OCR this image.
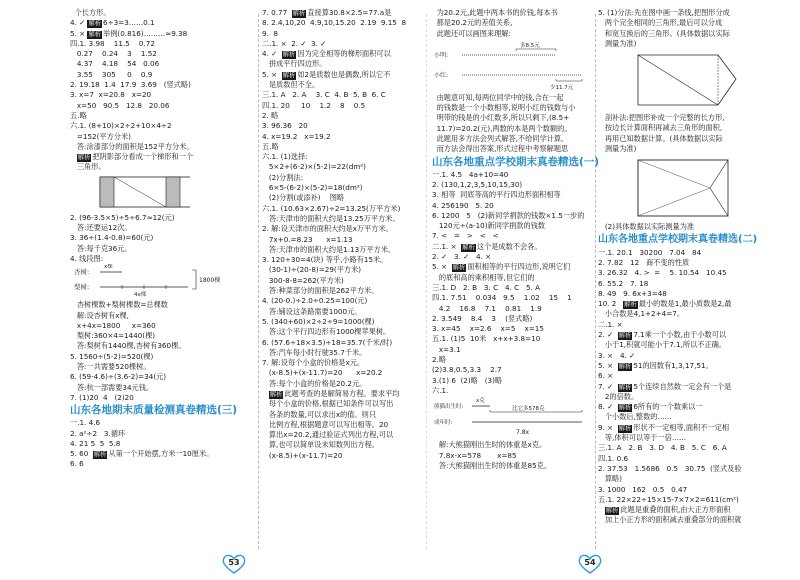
个长方形。
4. ✓ 解析 6÷3=3……0.1
5. × 解析 举例(0.816)………≈9.38
四.1. 3.98    11.5    0.72
0.27    0.24    3    1.52
4.37    4.18    54   0.06
3.55    305     0    0.9
2. 19.18  1.4  17.9  3.69   (竖式略)
3. x=7  x=20.8   x=20
x=50   90.5   12.8   20.06
五.略
六.1. (8+10)×2÷2+10×4÷2
=152(平方分米)
答:涂漆部分的面积是152平方分米。
解析 把阴影部分看成一个梯形和一个
三角形。
2. (96-3.5×5)÷5÷6.7≈12(元)
答:还要运12次。
3. 36÷(1.4-0.8)=60(元)
答:每千克36元。
4. 线段图:
杏树:
梨树:
x棵
4x棵
1800棵
杏树棵数+梨树棵数=总棵数
解:设杏树有x棵,
x+4x=1800     x=360
梨树:360×4=1440(棵)
答:梨树有1440棵,杏树有360棵。
5. 1560÷(5-2)=520(棵)
答:一共需要520棵树。
6. (59-4.6)÷(3.6-2)=34(元)
答:杭一部需要34元钱。
7. (1)20  4   (2)20
山东各地期末质量检测真卷精选(三)
一.1. 4.6
2. a²÷2   3.循环
4. 21 5  5  5.8
5. 60  解析 从第一个开始摆,方米一10厘米。
6. 6
7. 0.77  解析 直接算30.8×2.5=77.a是
8. 2.4,10,20  4.9,10,15.20  2.19  9.15  8
9.  8
二.1. ×  2. ✓  3. ✓
4. ✓  解析 因为完全相等的梯形面积可以
拼成平行四边形。
5. ×  解析 如2是质数也是偶数,所以它不
是质数但不全。
三.1. A   2. A    3. C  4. B  5. B  6. C
四.1. 20     10    1.2    8    0.5
2. 略
3. 96.36   20
4. x=19.2   x=19.2
五.略
六.1. (1)选择:
5×2+(6-2)×(5-2)=22(dm²)
(2)分割法:
6×5-(6-2)×(5-2)=18(dm²)
(2)分割(或添补)    图略
六.1. (10.63×2.67)÷2=13.25(万平方米)
答:天津市的面积大约是13.25万平方米。
2. 解:设天津市的面积大约是x万平方米。
7x+0.=8.23      x=1.13
答:天津市的面积大约是1.13万平方米。
3. 120÷30=4(块) 等乎,小路有15米。
(30-1)÷(20-8)=29(平方米)
300-8-8=262(平方米)
答:种菜部分的面积是262平方米。
4. (20-0.)÷2.0÷0.25=100(元)
答:铺设这条路需要1000元。
5. (340+60)×2÷2÷9=1000(棵)
答:这个平行四边形有1000棵苹果树。
6. (57.6÷18×3.5)÷18=35.7(千米/时)
答:汽车每小时行驶35.7千米。
7. 解:设每个小盒的价格是x元。
(x-8.5)+(x-11.7)=20      x=20.2
答:每个小盒的价格是20.2元。
解析 此题考查的是解简易方程。要求平均
每个小盒的价格,根据已知条件可以写出
各条的数量,可以求出x的值。则只
比例方程,根据题意可以写出相等。20
算出x=20.2,通过验证式列出方程,可以
算,也可以简单设未知数列出方程。
(x-8.5)+(x-11.7)=20
为20.2元,此题中两本书的价钱,每本书
都是20.2元的差值关系,
此题还可以画图来理解:
多8.5元
小明:
小红:
少11.7元
由题意可知,每两位同学中的钱,合在一起
的钱数是一个小数相等,说明小红的钱数与小
明带的钱是的小红数多,所以只剩下,(8.5+
11.7)=20.2(元),两数的本是两个数额的。
此题用多方法会列式解答,不给同学计算,
而方法会得出答案,形式过程中考察解题思
山东各地重点学校期末真卷精选(一)
一.1. 4.5   4a+10=40
2. (130,1,2,3,5,10,15,30)
3. 相等  同底等高的平行四边形面积相等
4. 256190   5. 20
6. 1200   5   (2)新同学捐款的钱数×1.5一步的
120元÷(a-10)新同学捐款的钱数
7. <   =   >   <   <
二.1. ×  解析 这个是成数不会各。
2. ✓   3. ✓   4. ×
5. ×  解析 面积相等的平行四边形,说明它们
的底和高的乘积相等,但它们的
三.1. D   2. B   3. C   4. C   5. A
四.1. 7.51    0.034   9.5    1.02    15    1
4.2    16.8    7.1    0.81    1.9
2. 3.549    8.4    3    (竖式略)
3. x=45    x=2.6    x=5    x=15
五.1. (1)5  10米   x+x+3.8=10
x=3.1
2.略
(2)3.8,0.5,3.3    2.7
3.(1) 6  (2)略   (3)略
六.1.
熊猫出生时:
x克
成年时:
比它多578克
7.8x
解:大熊猫刚出生时的体重是x克。
7.8x-x=578       x=85
答:大熊猫刚出生时的体重是85克。
5. (1)分法:先在图中画一条线,把图形分成
两个完全相同的三角形,最后可以分成
和宽互换后的三角形。(具体数据以实际
测量为准)
剖补法:把图形补成一个完整的长方形,
按边长计算面积再减去三角形的面积,
再用已知数据计算。(具体数据以实际
测量为准)
(2)具体数据以实际测量为准
山东各地重点学校期末真卷精选(二)
一.1. 20.1   30200   7.04   84
2. 7.82   12   商不变的性质
3. 26.32   4. >  =    5. 10.54   10.45
6. 55.2   7. 18
8. 49   9. 6x+3=48
10. 2   解析 最小的数是1,最小质数是2,最
小合数是4,1+2+4=7。
二.1. ×
2. ✓  解析 7.1乘一个小数,由于小数可以
小于1,积就可能小于7.1,所以不正确。
3. ×   4. ✓
5. ×  解析 51的因数有1,3,17,51。
6. ×
7. ✓  解析 5个连续自然数一定会有一个是
2的倍数。
8. ✓  解析 6所有的一个数乘以一
个小数后,整数的……
9. ×  解析 形状不一定相等,面积不一定相
等,体积可以等于一倍……
三.1. A   2. B   3. D   4. B   5. C   6. A
四.1. 0.6
2. 37.53   1.5686   0.5   30.75  (竖式及验
算略)
3. 1000   162   0.5   0.47
五.1. 22×22÷15×15-7×7×2=611(cm²)
解析 此题是重叠的面积,由大正方形面积
加上小正方形的面积减去重叠部分的面积就
53	54
